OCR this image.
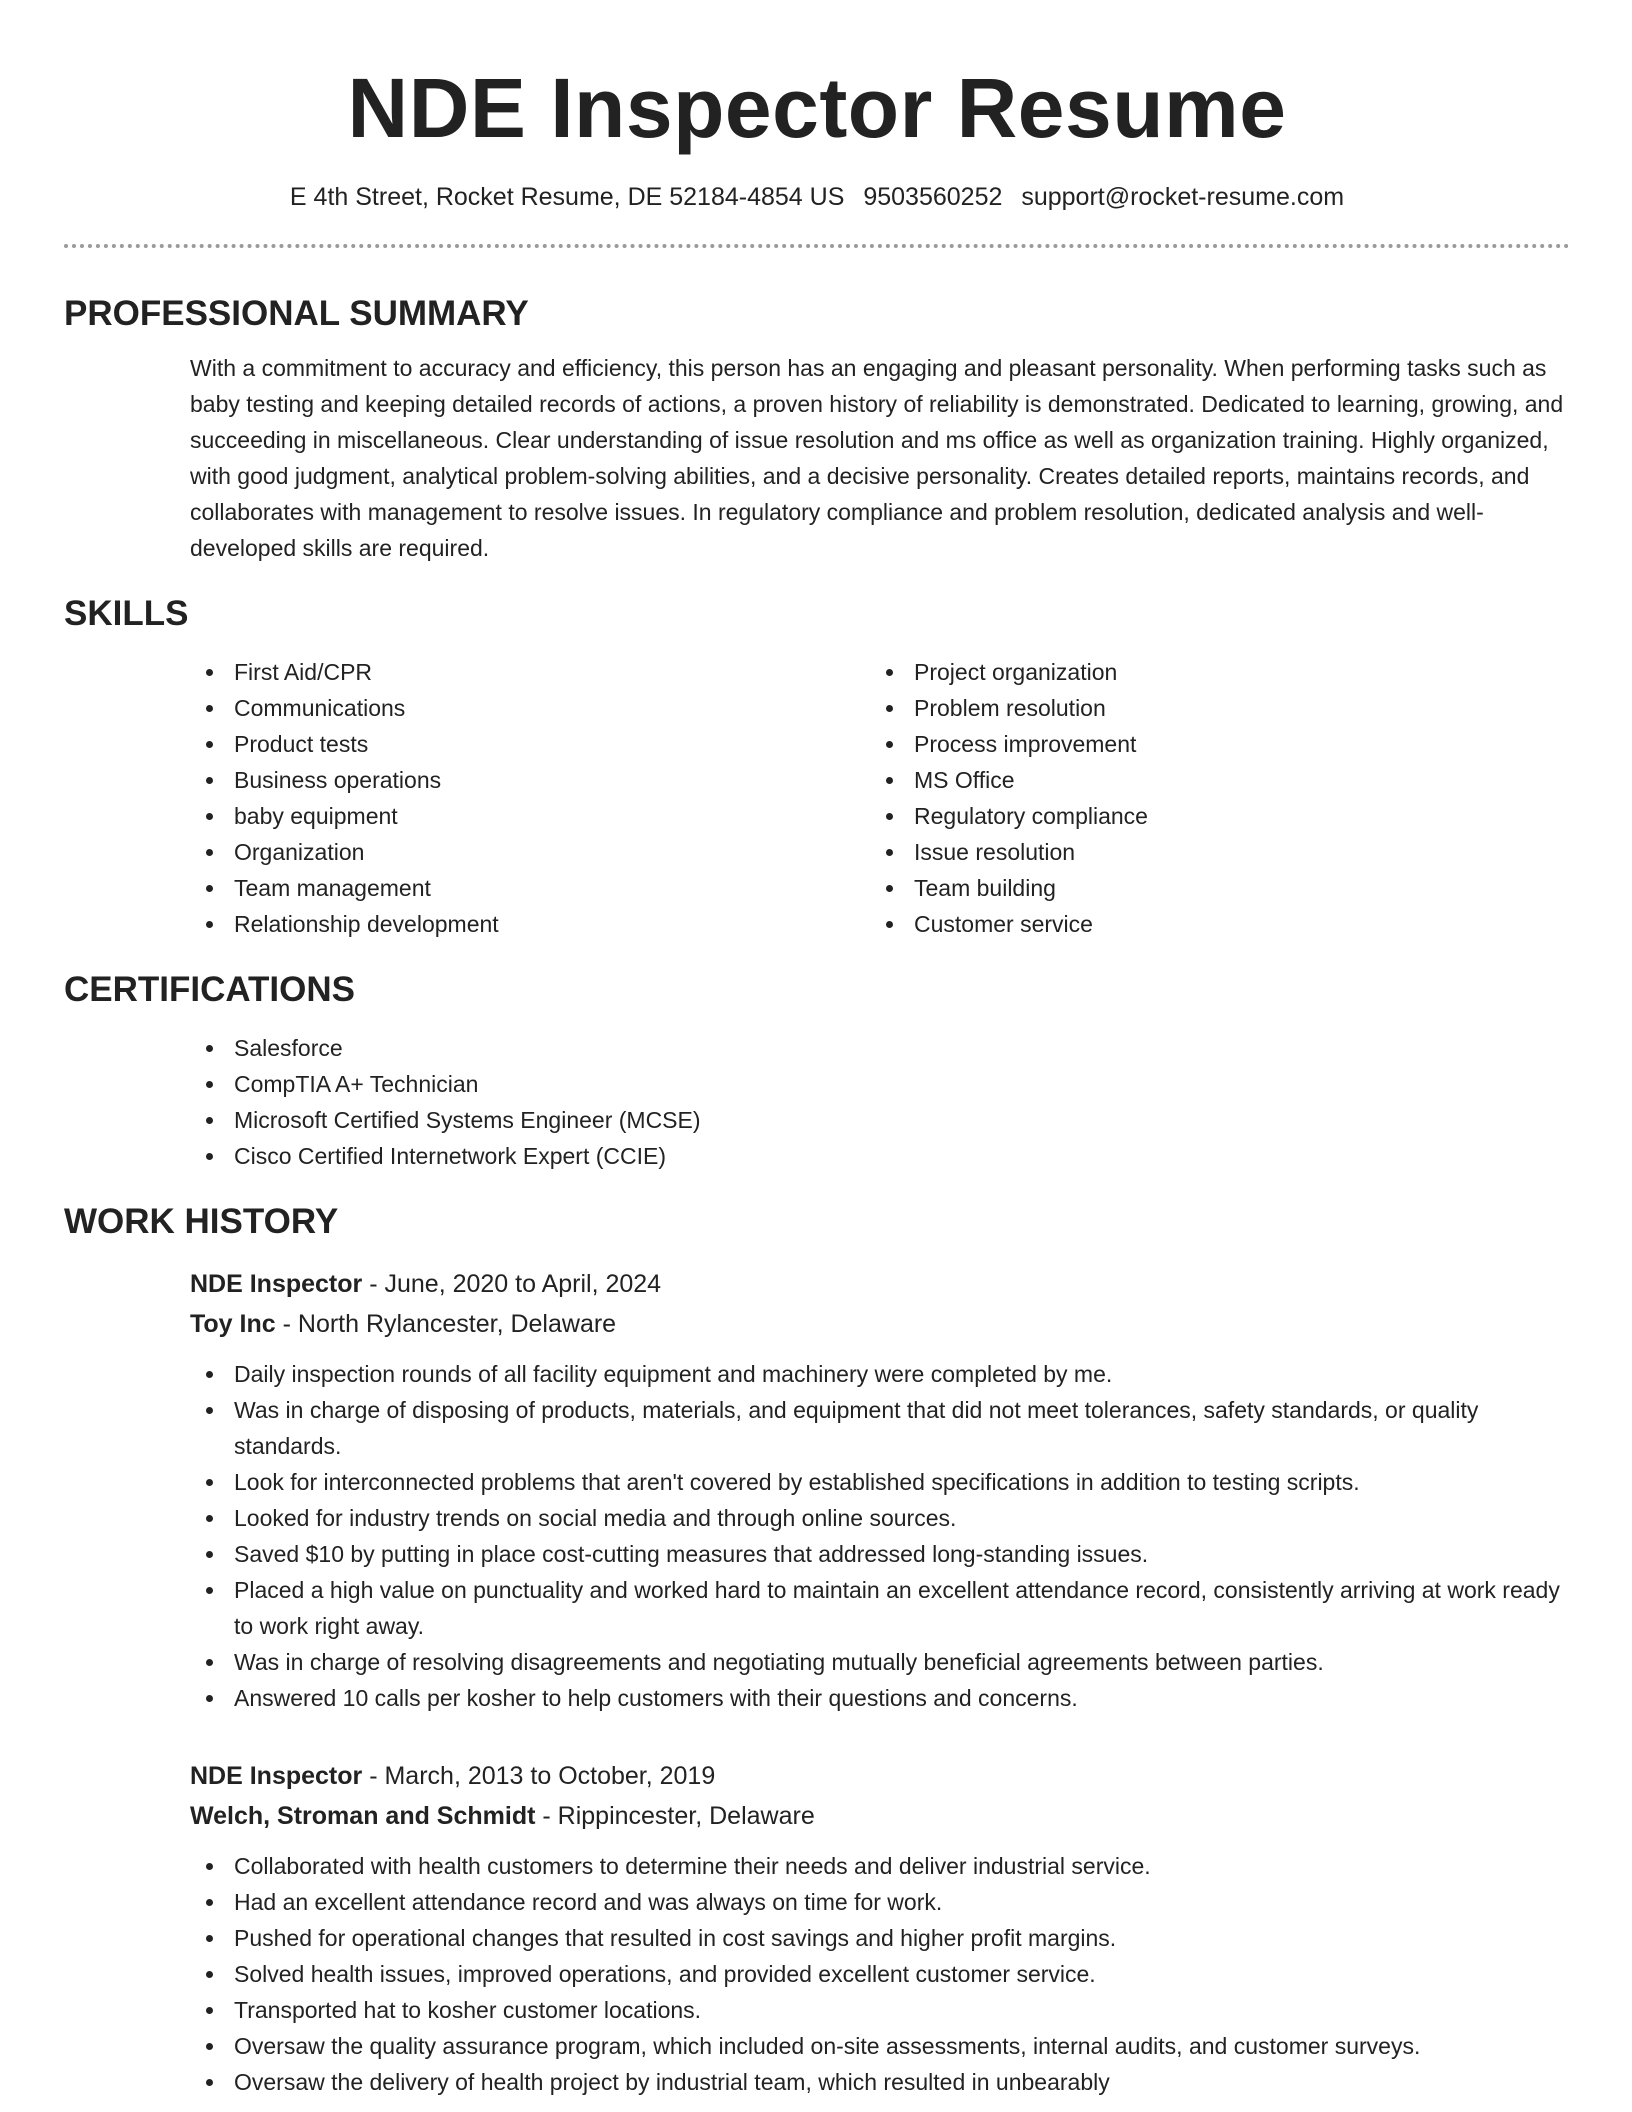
NDE Inspector Resume
E 4th Street, Rocket Resume, DE 52184-4854 US 9503560252 support@rocket-resume.com
PROFESSIONAL SUMMARY

With a commitment to accuracy and efficiency, this person has an engaging and pleasant personality. When performing tasks such as baby testing and keeping detailed records of actions, a proven history of reliability is demonstrated. Dedicated to learning, growing, and succeeding in miscellaneous. Clear understanding of issue resolution and ms office as well as organization training. Highly organized, with good judgment, analytical problem-solving abilities, and a decisive personality. Creates detailed reports, maintains records, and collaborates with management to resolve issues. In regulatory compliance and problem resolution, dedicated analysis and well-developed skills are required.

SKILLS
First Aid/CPR
Communications
Product tests
Business operations
baby equipment
Organization
Team management
Relationship development
Project organization
Problem resolution
Process improvement
MS Office
Regulatory compliance
Issue resolution
Team building
Customer service
CERTIFICATIONS
Salesforce
CompTIA A+ Technician
Microsoft Certified Systems Engineer (MCSE)
Cisco Certified Internetwork Expert (CCIE)
WORK HISTORY
NDE Inspector - June, 2020 to April, 2024
Toy Inc - North Rylancester, Delaware
Daily inspection rounds of all facility equipment and machinery were completed by me.
Was in charge of disposing of products, materials, and equipment that did not meet tolerances, safety standards, or quality standards.
Look for interconnected problems that aren't covered by established specifications in addition to testing scripts.
Looked for industry trends on social media and through online sources.
Saved $10 by putting in place cost-cutting measures that addressed long-standing issues.
Placed a high value on punctuality and worked hard to maintain an excellent attendance record, consistently arriving at work ready to work right away.
Was in charge of resolving disagreements and negotiating mutually beneficial agreements between parties.
Answered 10 calls per kosher to help customers with their questions and concerns.
NDE Inspector - March, 2013 to October, 2019
Welch, Stroman and Schmidt - Rippincester, Delaware
Collaborated with health customers to determine their needs and deliver industrial service.
Had an excellent attendance record and was always on time for work.
Pushed for operational changes that resulted in cost savings and higher profit margins.
Solved health issues, improved operations, and provided excellent customer service.
Transported hat to kosher customer locations.
Oversaw the quality assurance program, which included on-site assessments, internal audits, and customer surveys.
Oversaw the delivery of health project by industrial team, which resulted in unbearably
